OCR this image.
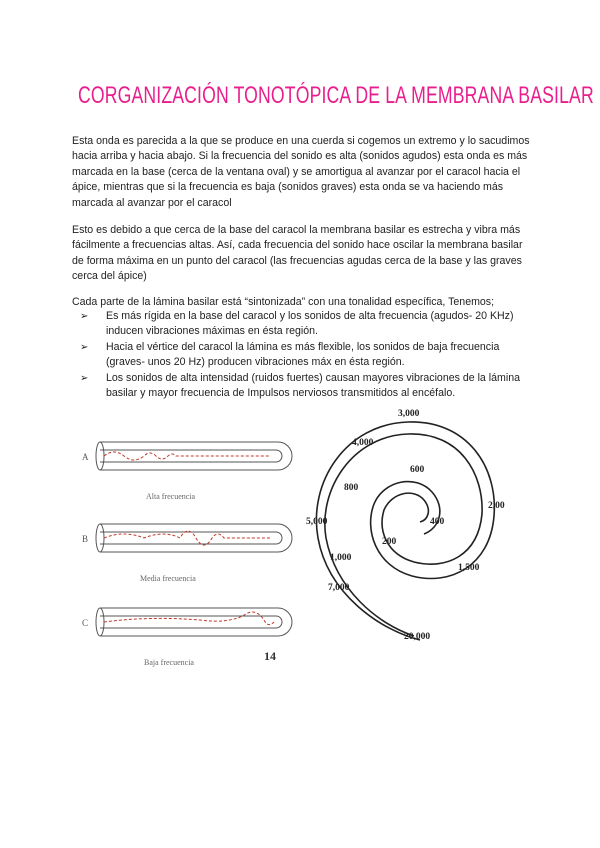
CORGANIZACIÓN TONOTÓPICA DE LA MEMBRANA BASILAR

Esta onda es parecida a la que se produce en una cuerda si cogemos un extremo y lo sacudimos hacia arriba y hacia abajo. Si la frecuencia del sonido es alta (sonidos agudos) esta onda es más marcada en la base (cerca de la ventana oval) y se amortigua al avanzar por el caracol hacia el ápice, mientras que si la frecuencia es baja (sonidos graves) esta onda se va haciendo más marcada al avanzar por el caracol

Esto es debido a que cerca de la base del caracol la membrana basilar es estrecha y vibra más fácilmente a frecuencias altas. Así, cada frecuencia del sonido hace oscilar la membrana basilar de forma máxima en un punto del caracol (las frecuencias agudas cerca de la base y las graves cerca del ápice)

Cada parte de la lámina basilar está “sintonizada” con una tonalidad específica, Tenemos;

➢ Es más rígida en la base del caracol y los sonidos de alta frecuencia (agudos- 20 KHz) inducen vibraciones máximas en ésta región.
➢ Hacia el vértice del caracol la lámina es más flexible, los sonidos de baja frecuencia (graves- unos 20 Hz) producen vibraciones máx en ésta región.
➢ Los sonidos de alta intensidad (ruidos fuertes) causan mayores vibraciones de la lámina basilar y mayor frecuencia de Impulsos nerviosos transmitidos al encéfalo.
A
Alta frecuencia
B
Media frecuencia
C
Baja frecuencia	14
3,000
4,000
600
800
2,00
5,000	400
200
1,000
1,500
7,000
20,000
